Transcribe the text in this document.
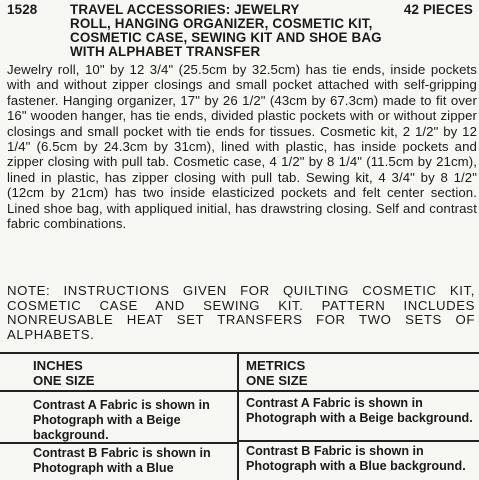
1528 TRAVEL ACCESSORIES: JEWELRY	42 PIECES
ROLL, HANGING ORGANIZER, COSMETIC KIT,
COSMETIC CASE, SEWING KIT AND SHOE BAG
WITH ALPHABET TRANSFER

Jewelry roll, 10" by 12 3/4" (25.5cm by 32.5cm) has tie ends, inside pockets with and without zipper closings and small pocket attached with self-gripping fastener. Hanging organizer, 17" by 26 1/2" (43cm by 67.3cm) made to fit over 16" wooden hanger, has tie ends, divided plastic pockets with or without zipper closings and small pocket with tie ends for tissues. Cosmetic kit, 2 1/2" by 12 1/4" (6.5cm by 24.3cm by 31cm), lined with plastic, has inside pockets and zipper closing with pull tab. Cosmetic case, 4 1/2" by 8 1/4" (11.5cm by 21cm), lined in plastic, has zipper closing with pull tab. Sewing kit, 4 3/4" by 8 1/2" (12cm by 21cm) has two inside elasticized pockets and felt center section. Lined shoe bag, with appliqued initial, has drawstring closing. Self and contrast fabric combinations.

NOTE: INSTRUCTIONS GIVEN FOR QUILTING COSMETIC KIT, COSMETIC CASE AND SEWING KIT. PATTERN INCLUDES NONREUSABLE HEAT SET TRANSFERS FOR TWO SETS OF ALPHABETS.
INCHES
ONE SIZE
METRICS
ONE SIZE
Contrast A Fabric is shown in Photograph with a Beige background.
Contrast A Fabric is shown in Photograph with a Beige background.
Contrast B Fabric is shown in Photograph with a Blue
Contrast B Fabric is shown in Photograph with a Blue background.
